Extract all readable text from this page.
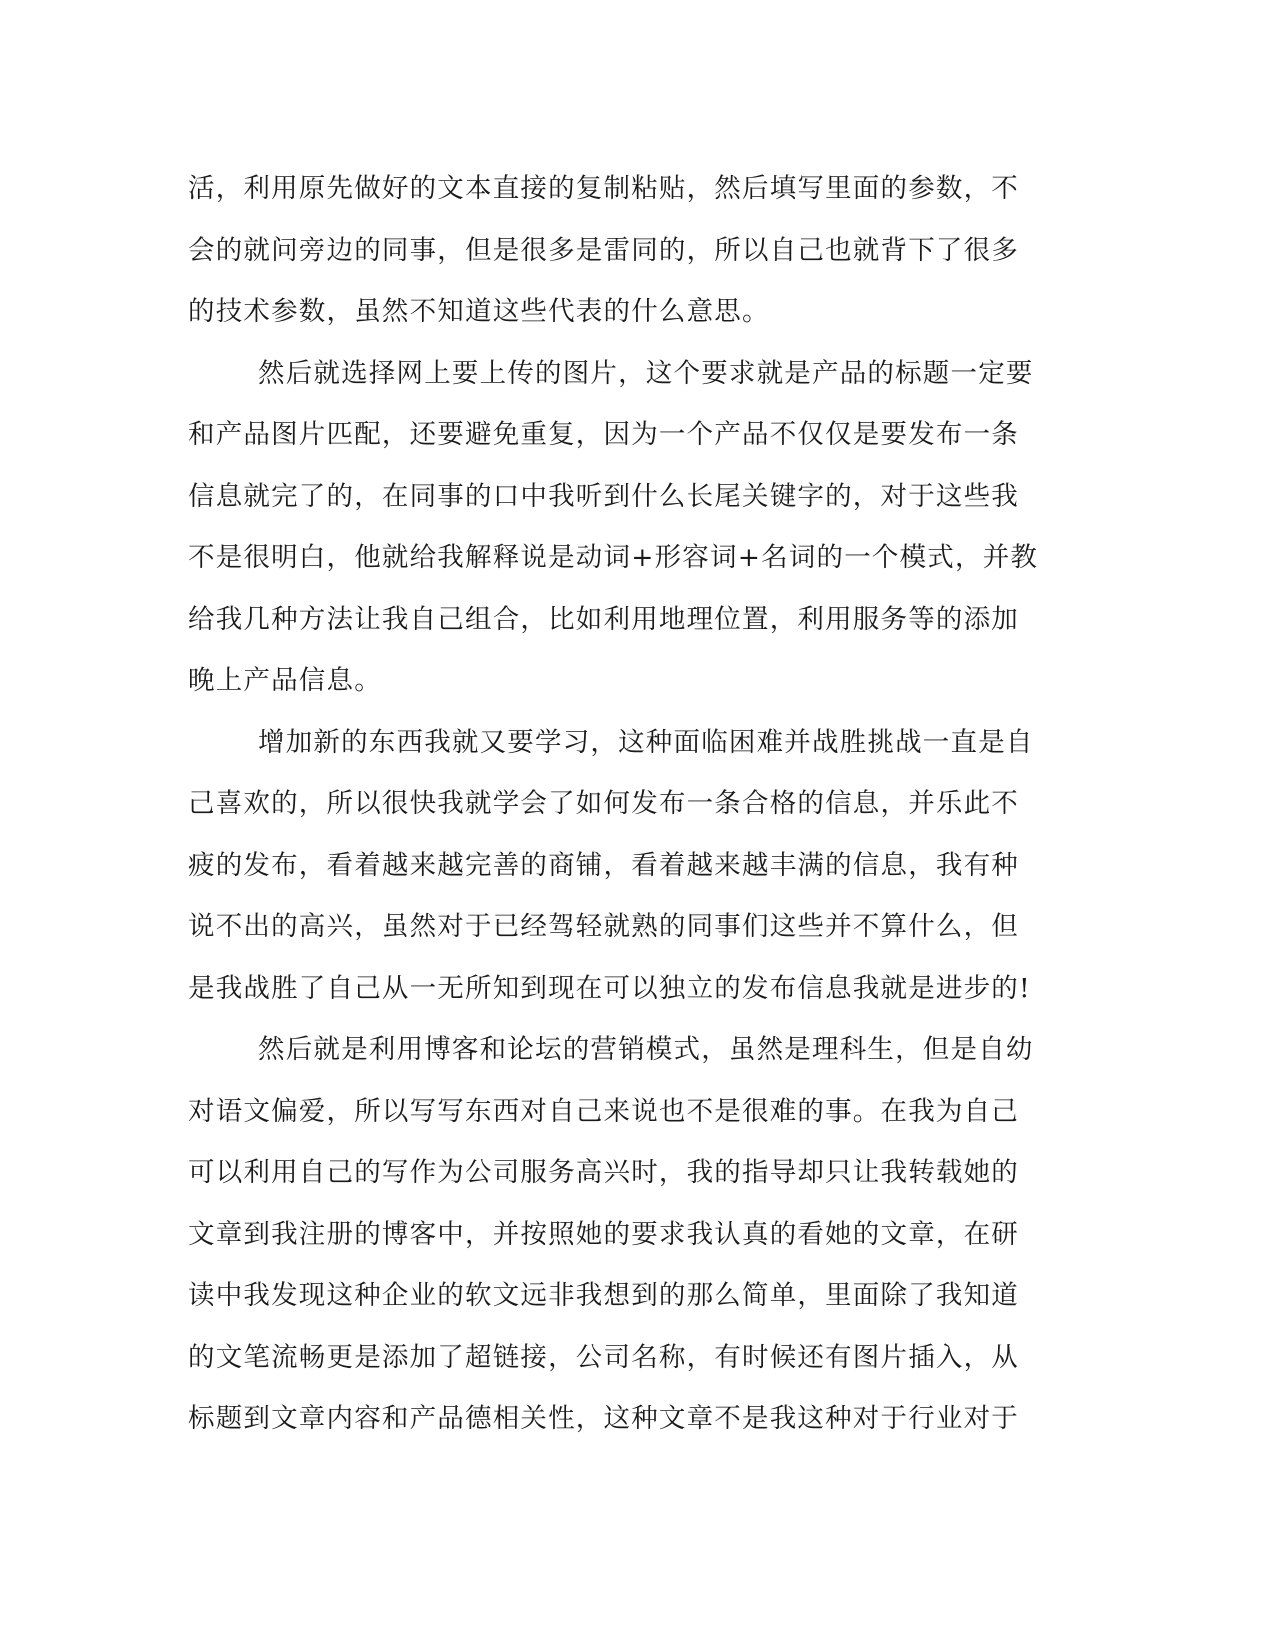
活，利用原先做好的文本直接的复制粘贴，然后填写里面的参数，不
会的就问旁边的同事，但是很多是雷同的，所以自己也就背下了很多
的技术参数，虽然不知道这些代表的什么意思。
然后就选择网上要上传的图片，这个要求就是产品的标题一定要
和产品图片匹配，还要避免重复，因为一个产品不仅仅是要发布一条
信息就完了的，在同事的口中我听到什么长尾关键字的，对于这些我
不是很明白，他就给我解释说是动词+形容词+名词的一个模式，并教
给我几种方法让我自己组合，比如利用地理位置，利用服务等的添加
晚上产品信息。
增加新的东西我就又要学习，这种面临困难并战胜挑战一直是自
己喜欢的，所以很快我就学会了如何发布一条合格的信息，并乐此不
疲的发布，看着越来越完善的商铺，看着越来越丰满的信息，我有种
说不出的高兴，虽然对于已经驾轻就熟的同事们这些并不算什么，但
是我战胜了自己从一无所知到现在可以独立的发布信息我就是进步的!
然后就是利用博客和论坛的营销模式，虽然是理科生，但是自幼
对语文偏爱，所以写写东西对自己来说也不是很难的事。在我为自己
可以利用自己的写作为公司服务高兴时，我的指导却只让我转载她的
文章到我注册的博客中，并按照她的要求我认真的看她的文章，在研
读中我发现这种企业的软文远非我想到的那么简单，里面除了我知道
的文笔流畅更是添加了超链接，公司名称，有时候还有图片插入，从
标题到文章内容和产品德相关性，这种文章不是我这种对于行业对于
